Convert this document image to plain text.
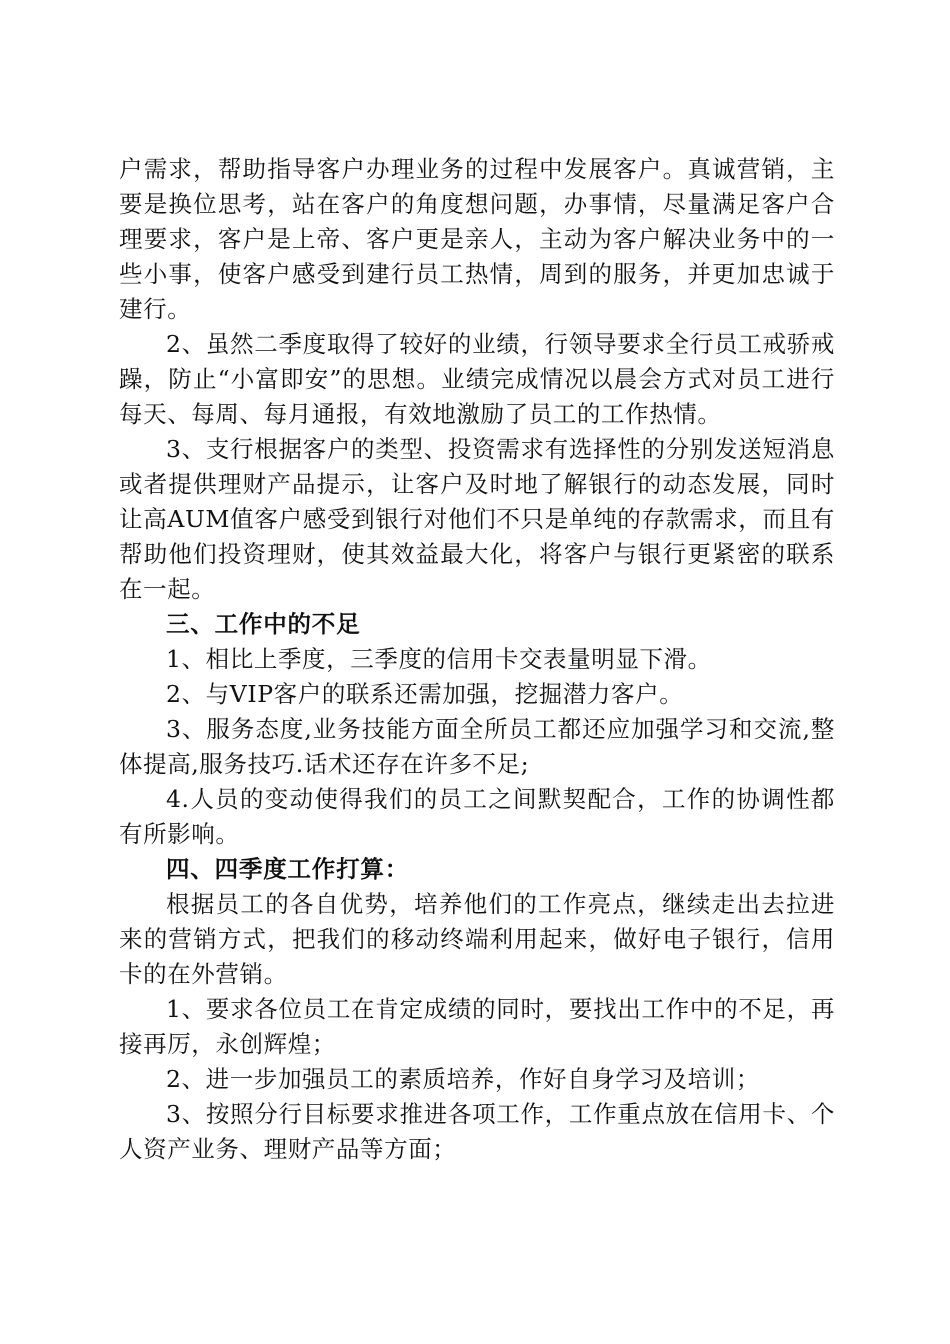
户需求，帮助指导客户办理业务的过程中发展客户。真诚营销，主要是换位思考，站在客户的角度想问题，办事情，尽量满足客户合理要求，客户是上帝、客户更是亲人，主动为客户解决业务中的一些小事，使客户感受到建行员工热情，周到的服务，并更加忠诚于建行。

2、虽然二季度取得了较好的业绩，行领导要求全行员工戒骄戒躁，防止“小富即安”的思想。业绩完成情况以晨会方式对员工进行每天、每周、每月通报，有效地激励了员工的工作热情。

3、支行根据客户的类型、投资需求有选择性的分别发送短消息或者提供理财产品提示，让客户及时地了解银行的动态发展，同时让高AUM值客户感受到银行对他们不只是单纯的存款需求，而且有帮助他们投资理财，使其效益最大化，将客户与银行更紧密的联系在一起。

三、工作中的不足

1、相比上季度，三季度的信用卡交表量明显下滑。

2、与VIP客户的联系还需加强，挖掘潜力客户。

3、服务态度,业务技能方面全所员工都还应加强学习和交流,整体提高,服务技巧.话术还存在许多不足;

4.人员的变动使得我们的员工之间默契配合，工作的协调性都有所影响。

四、四季度工作打算：

根据员工的各自优势，培养他们的工作亮点，继续走出去拉进来的营销方式，把我们的移动终端利用起来，做好电子银行，信用卡的在外营销。

1、要求各位员工在肯定成绩的同时，要找出工作中的不足，再接再厉，永创辉煌；

2、进一步加强员工的素质培养，作好自身学习及培训；

3、按照分行目标要求推进各项工作，工作重点放在信用卡、个人资产业务、理财产品等方面；
